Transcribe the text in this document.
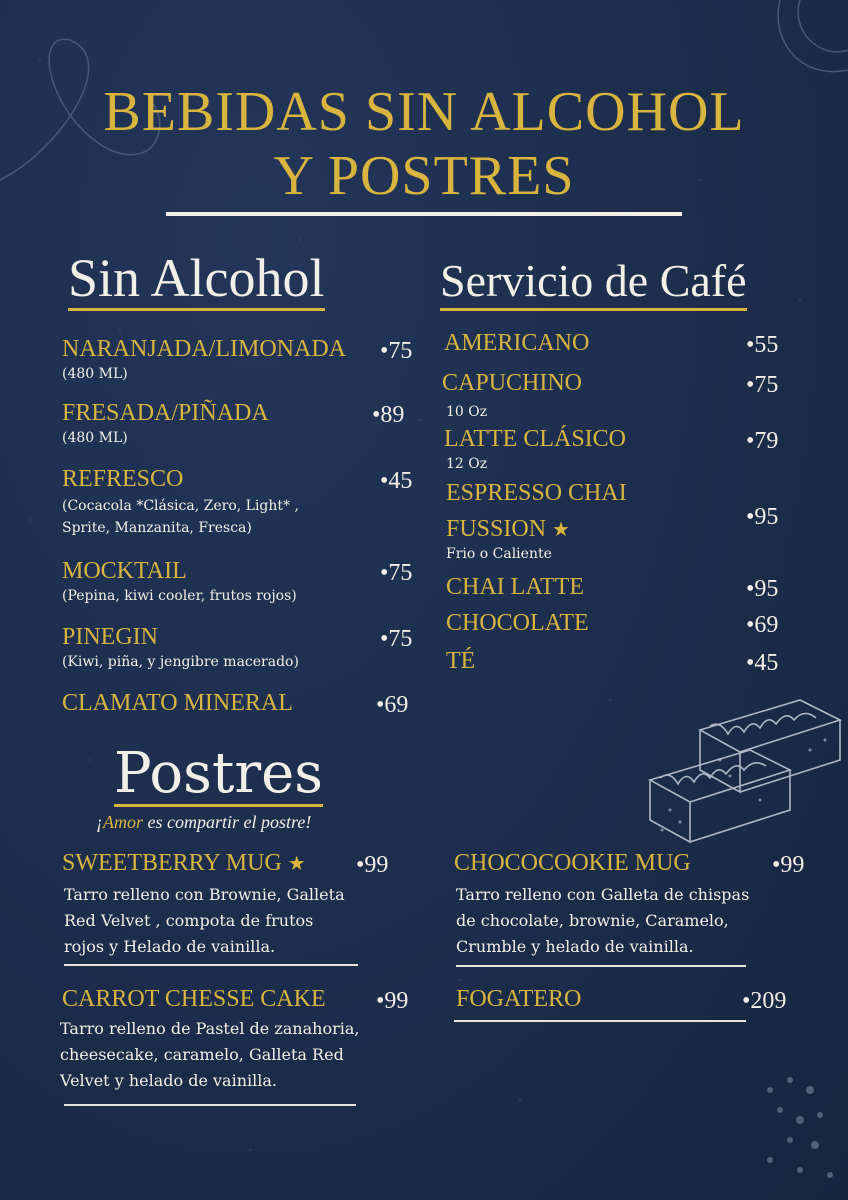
BEBIDAS SIN ALCOHOL
Y POSTRES
Sin Alcohol
NARANJADA/LIMONADA •75
(480 ML)
FRESADA/PIÑADA	•89
(480 ML)
REFRESCO	•45
(Cocacola *Clásica, Zero, Light* ,
Sprite, Manzanita, Fresca)
MOCKTAIL	•75
(Pepina, kiwi cooler, frutos rojos)
PINEGIN	•75
(Kiwi, piña, y jengibre macerado)
CLAMATO MINERAL	•69
Servicio de Café
AMERICANO	•55
CAPUCHINO	•75
10 Oz
LATTE CLÁSICO	•79
12 Oz
ESPRESSO CHAI
FUSSION ★	•95
Frio o Caliente
CHAI LATTE	•95
CHOCOLATE	•69
TÉ	•45
Postres
¡Amor es compartir el postre!
SWEETBERRY MUG ★ •99
Tarro relleno con Brownie, Galleta
Red Velvet , compota de frutos
rojos y Helado de vainilla.
CHOCOCOOKIE MUG	•99
Tarro relleno con Galleta de chispas
de chocolate, brownie, Caramelo,
Crumble y helado de vainilla.
CARROT CHESSE CAKE •99
Tarro relleno de Pastel de zanahoria,
cheesecake, caramelo, Galleta Red
Velvet y helado de vainilla.
FOGATERO	•209
